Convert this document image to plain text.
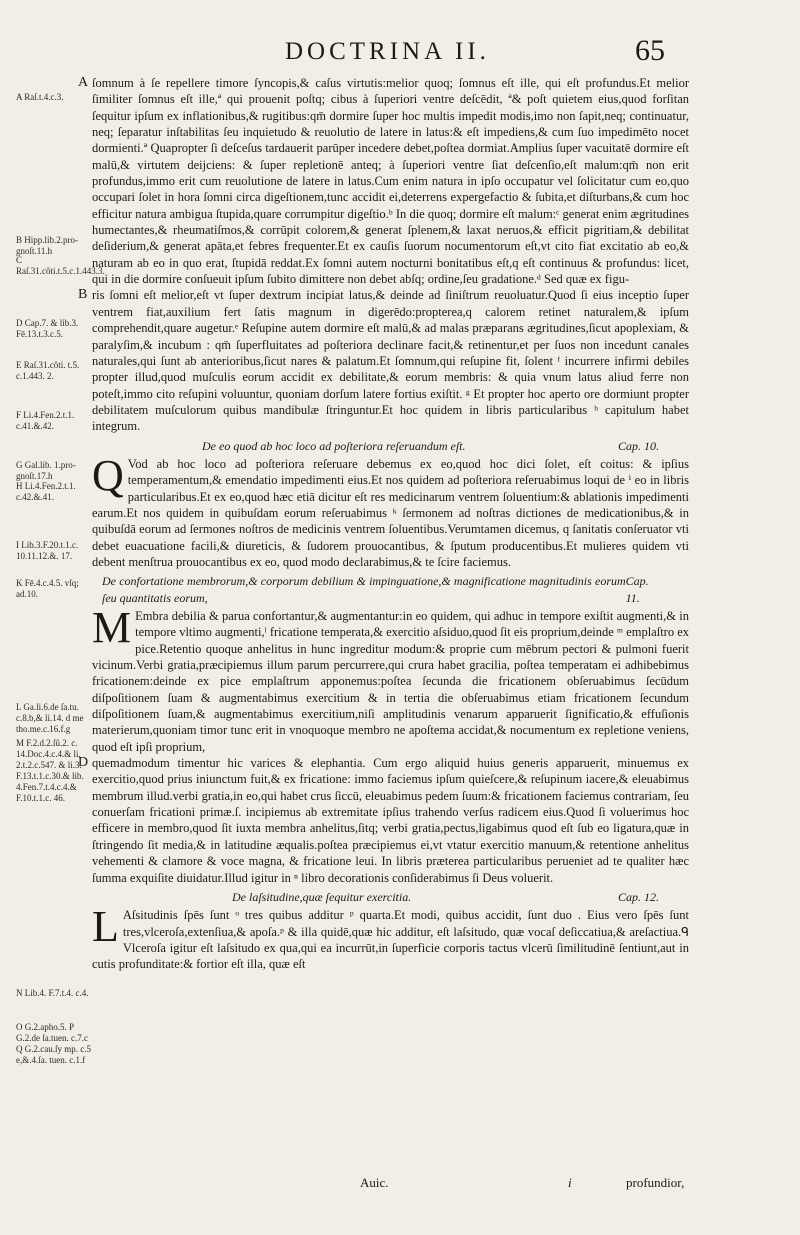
DOCTRINA II.	65
A Raſ.t.4.c.3.
B Hipp.lib.2.pro-gnoſt.11.h
C Raſ.31.côti.t.5.c.1.443.3.
D Cap.7. & lib.3. Fē.13.t.3.c.5.
E Raſ.31.côti. t.5. c.1.443. 2.
F Li.4.Fen.2.t.1. c.41.&.42.
G Gal.lib. 1.pro-gnoſt.17.h
H Li.4.Fen.2.t.1. c.42.&.41.
I Lib.3.F.20.t.1.c. 10.11.12.&. 17.
K Fē.4.c.4.5. vſq; ad.10.
L Ga.li.6.de ſa.tu. c.8.b,& li.14. d me tho.me.c.16.f.g
M F.2.d.2.ſû.2. c. 14.Doc.4.c.4.& li. 2.t.2.c.547. & li.3. F.13.t.1.c.30.& lib. 4.Fen.7.t.4.c.4.& F.10.t.1.c. 46.
N Lib.4. F.7.t.4. c.4.
O G.2.apho.5. P G.2.de ſa.tuen. c.7.c Q G.2.cau.ſy mp. c.5 e,&.4.ſa. tuen. c.1.f

A ſomnum à ſe repellere timore ſyncopis,& caſus virtutis:melior quoq; ſomnus eſt ille, qui eſt profundus.Et melior ſimiliter ſomnus eſt ille,ª qui prouenit poſtq; cibus à ſuperiori ventre deſcēdit, ª& poſt quietem eius,quod forſitan ſequitur ipſum ex inflationibus,& rugitibus:qm̄ dormire ſuper hoc multis impedit modis,imo non ſapit,neq; continuatur, neq; ſeparatur inſtabilitas ſeu inquietudo & reuolutio de latere in latus:& eſt impediens,& cum ſuo impedimēto nocet dormienti.ª Quapropter ſi deſceſus tardauerit parūper incedere debet,poſtea dormiat.Amplius ſuper vacuitatē dormire eſt malū,& virtutem deijciens: & ſuper repletionē anteq; à ſuperiori ventre ſiat deſcenſio,eſt malum:qm̄ non erit profundus,immo erit cum reuolutione de latere in latus.Cum enim natura in ipſo occupatur vel ſolicitatur cum eo,quo occupari ſolet in hora ſomni circa digeſtionem,tunc accidit ei,deterrens expergefactio & ſubita,et diſturbans,& cum hoc efficitur natura ambigua ſtupida,quare corrumpitur digeſtio.ᵇ In die quoq; dormire eſt malum:ᶜ generat enim ægritudines humectantes,& rheumatiſmos,& corrūpit colorem,& generat ſplenem,& laxat neruos,& efficit pigritiam,& debilitat deſiderium,& generat apāta,et febres frequenter.Et ex cauſis ſuorum nocumentorum eſt,vt cito fiat excitatio ab eo,& naturam ab eo in quo erat, ſtupidā reddat.Ex ſomni autem nocturni bonitatibus eſt,q eſt continuus & profundus: licet, qui in die dormire conſueuit ipſum ſubito dimittere non debet abſq; ordine,ſeu gradatione.ᵈ Sed quæ ex figu-

B ris ſomni eſt melior,eſt vt ſuper dextrum incipiat latus,& deinde ad ſiniſtrum reuoluatur.Quod ſi eius inceptio ſuper ventrem fiat,auxilium fert ſatis magnum in digerēdo:propterea,q calorem retinet naturalem,& ipſum comprehendit,quare augetur.ᵉ Reſupine autem dormire eſt malū,& ad malas præparans ægritudines,ſicut apoplexiam, & paralyſim,& incubum : qm̄ ſuperfluitates ad poſteriora declinare facit,& retinentur,et per ſuos non incedunt canales naturales,qui ſunt ab anterioribus,ſicut nares & palatum.Et ſomnum,qui reſupine fit, ſolent ᶠ incurrere infirmi debiles propter illud,quod muſculis eorum accidit ex debilitate,& eorum membris: & quia vnum latus aliud ferre non poteſt,immo cito reſupini voluuntur, quoniam dorſum latere fortius exiſtit. ᵍ Et propter hoc aperto ore dormiunt propter debilitatem muſculorum quibus mandibulæ ſtringuntur.Et hoc quidem in libris particularibus ʰ capitulum habet integrum.

De eo quod ab hoc loco ad poſteriora reſeruandum eſt.	Cap. 10.

Q Vod ab hoc loco ad poſteriora reſeruare debemus ex eo,quod hoc dici ſolet, eſt coitus: & ipſius temperamentum,& emendatio impedimenti eius.Et nos quidem ad poſteriora reſeruabimus loqui de ⁱ eo in libris particularibus.Et ex eo,quod hæc etiā dicitur eſt res medicinarum ventrem ſoluentium:& ablationis impedimenti earum.Et nos quidem in quibuſdam eorum reſeruabimus ᵏ ſermonem ad noſtras dictiones de medicationibus,& in quibuſdā eorum ad ſermones noſtros de medicinis ventrem ſoluentibus.Verumtamen dicemus, q ſanitatis conſeruator vti debet euacuatione facili,& diureticis, & ſudorem prouocantibus, & ſputum producentibus.Et mulieres quidem vti debent menſtrua prouocantibus ex eo, quod modo declarabimus,& te ſcire faciemus.

De confortatione membrorum,& corporum debilium & impinguatione,& magnificatione magnitudinis eorum ſeu quantitatis eorum,
Cap. 11.

M Embra debilia & parua confortantur,& augmentantur:in eo quidem, qui adhuc in tempore exiſtit augmenti,& in tempore vltimo augmenti,ˡ fricatione temperata,& exercitio aſsiduo,quod ſit eis proprium,deinde ᵐ emplaſtro ex pice.Retentio quoque anhelitus in hunc ingreditur modum:& proprie cum mēbrum pectori & pulmoni fuerit vicinum.Verbi gratia,præcipiemus illum parum percurrere,qui crura habet gracilia, poſtea temperatam ei adhibebimus fricationem:deinde ex pice emplaſtrum apponemus:poſtea ſecunda die fricationem obſeruabimus ſecūdum diſpoſitionem ſuam & augmentabimus exercitium & in tertia die obſeruabimus etiam fricationem ſecundum diſpoſitionem ſuam,& augmentabimus exercitium,niſi amplitudinis venarum apparuerit ſignificatio,& effuſionis materierum,quoniam timor tunc erit in vnoquoque membro ne apoſtema accidat,& nocumentum ex repletione veniens, quod eſt ipſi proprium,

D quemadmodum timentur hic varices & elephantia. Cum ergo aliquid huius generis apparuerit, minuemus ex exercitio,quod prius iniunctum fuit,& ex fricatione: immo faciemus ipſum quieſcere,& reſupinum iacere,& eleuabimus membrum illud.verbi gratia,in eo,qui habet crus ſiccū, eleuabimus pedem ſuum:& fricationem faciemus contrariam, ſeu conuerſam fricationi primæ.ſ. incipiemus ab extremitate ipſius trahendo verſus radicem eius.Quod ſi voluerimus hoc efficere in membro,quod ſit iuxta membra anhelitus,ſitq; verbi gratia,pectus,ligabimus quod eſt ſub eo ligatura,quæ in ſtringendo ſit media,& in latitudine æqualis.poſtea præcipiemus ei,vt vtatur exercitio manuum,& retentione anhelitus vehementi & clamore & voce magna, & fricatione leui. In libris præterea particularibus perueniet ad te qualiter hæc ſumma exquiſite diuidatur.Illud igitur in ⁿ libro decorationis conſiderabimus ſi Deus voluerit.

De laſsitudine,quæ ſequitur exercitia.	Cap. 12.

L Aſsitudinis ſpēs ſunt ᵒ tres quibus additur ᵖ quarta.Et modi, quibus accidit, ſunt duo . Eius vero ſpēs ſunt tres,vlceroſa,extenſiua,& apoſa.ᵖ & illa quidē,quæ hic additur, eſt laſsitudo, quæ vocaſ deſiccatiua,& areſactiua.ᑫ Vlceroſa igitur eſt laſsitudo ex qua,qui ea incurrūt,in ſuperficie corporis tactus vlcerū ſimilitudinē ſentiunt,aut in cutis profunditate:& fortior eſt illa, quæ eſt

Auic.	i	profundior,
